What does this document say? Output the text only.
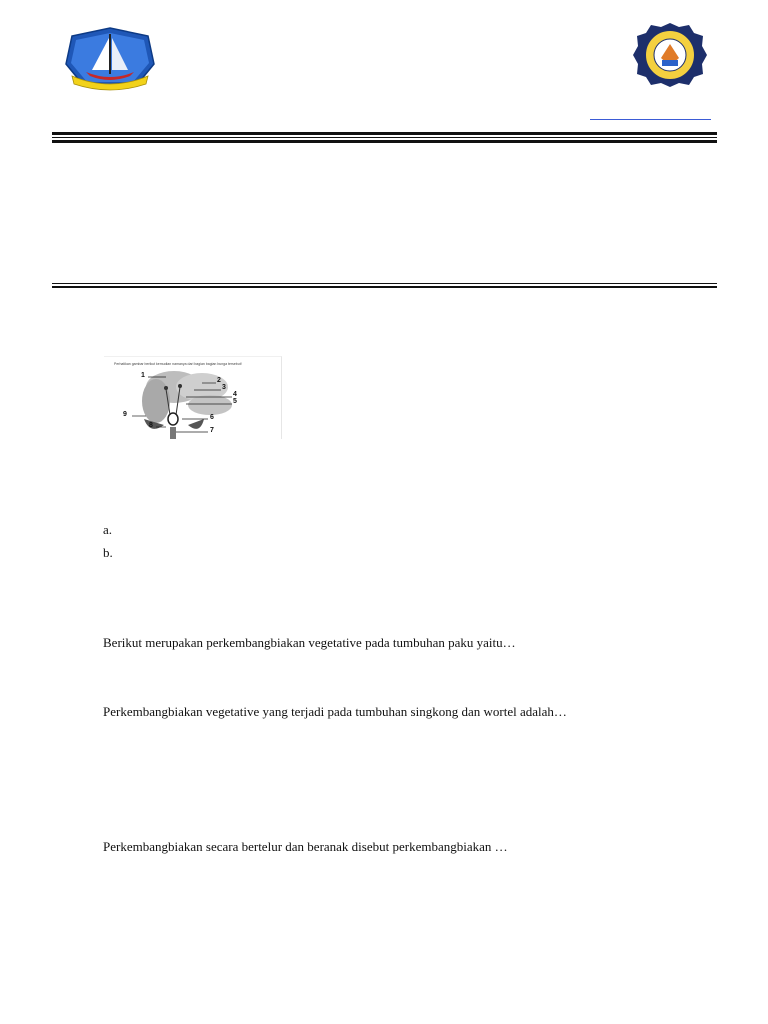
Perhatikan gambar berikut kemudian namanya dari bagian bagian bunga tersebut!
1
2
3
4
5
6
7
8
9
a.
b.
Berikut merupakan perkembangbiakan vegetative pada tumbuhan paku yaitu…
Perkembangbiakan vegetative yang terjadi pada tumbuhan singkong dan wortel adalah…
Perkembangbiakan secara bertelur dan beranak disebut perkembangbiakan …
